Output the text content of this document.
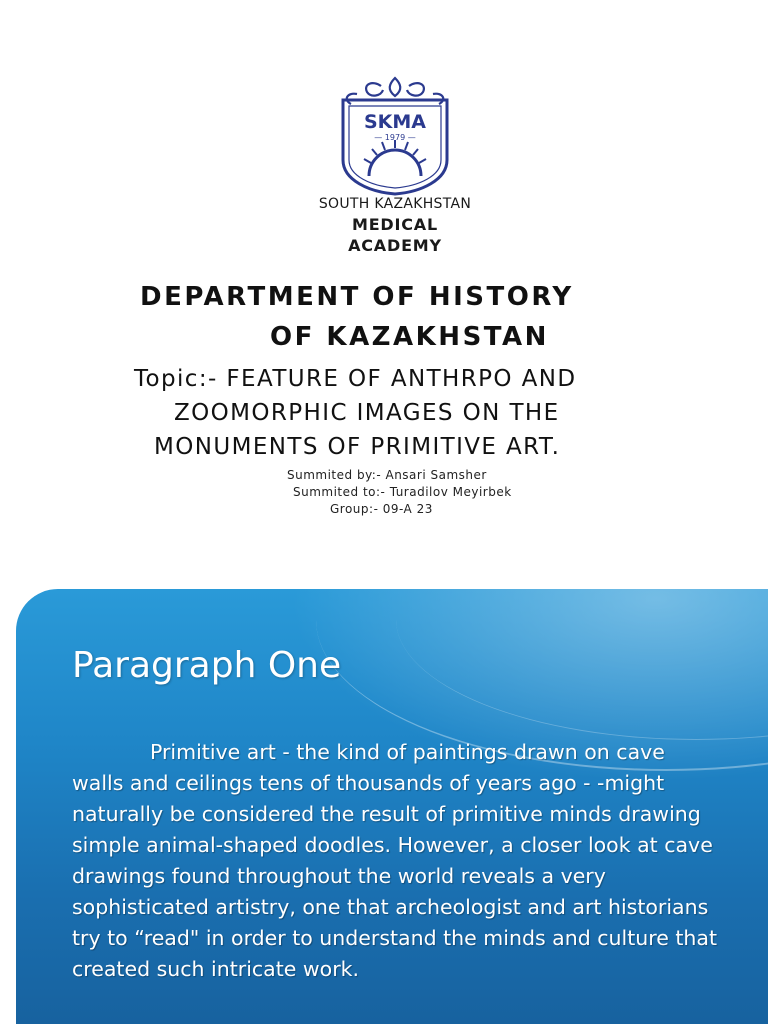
SKMA
— 1979 —
SOUTH KAZAKHSTAN
MEDICAL
ACADEMY
DEPARTMENT OF HISTORY
OF KAZAKHSTAN
Topic:- FEATURE OF ANTHRPO AND
ZOOMORPHIC IMAGES ON THE
MONUMENTS OF PRIMITIVE ART.
Summited by:- Ansari Samsher
Summited to:- Turadilov Meyirbek
Group:- 09-A 23
Paragraph One
Primitive art - the kind of paintings drawn on cave walls and ceilings tens of thousands of years ago - -might naturally be considered the result of primitive minds drawing simple animal-shaped doodles. However, a closer look at cave drawings found throughout the world reveals a very sophisticated artistry, one that archeologist and art historians try to “read" in order to understand the minds and culture that created such intricate work.
